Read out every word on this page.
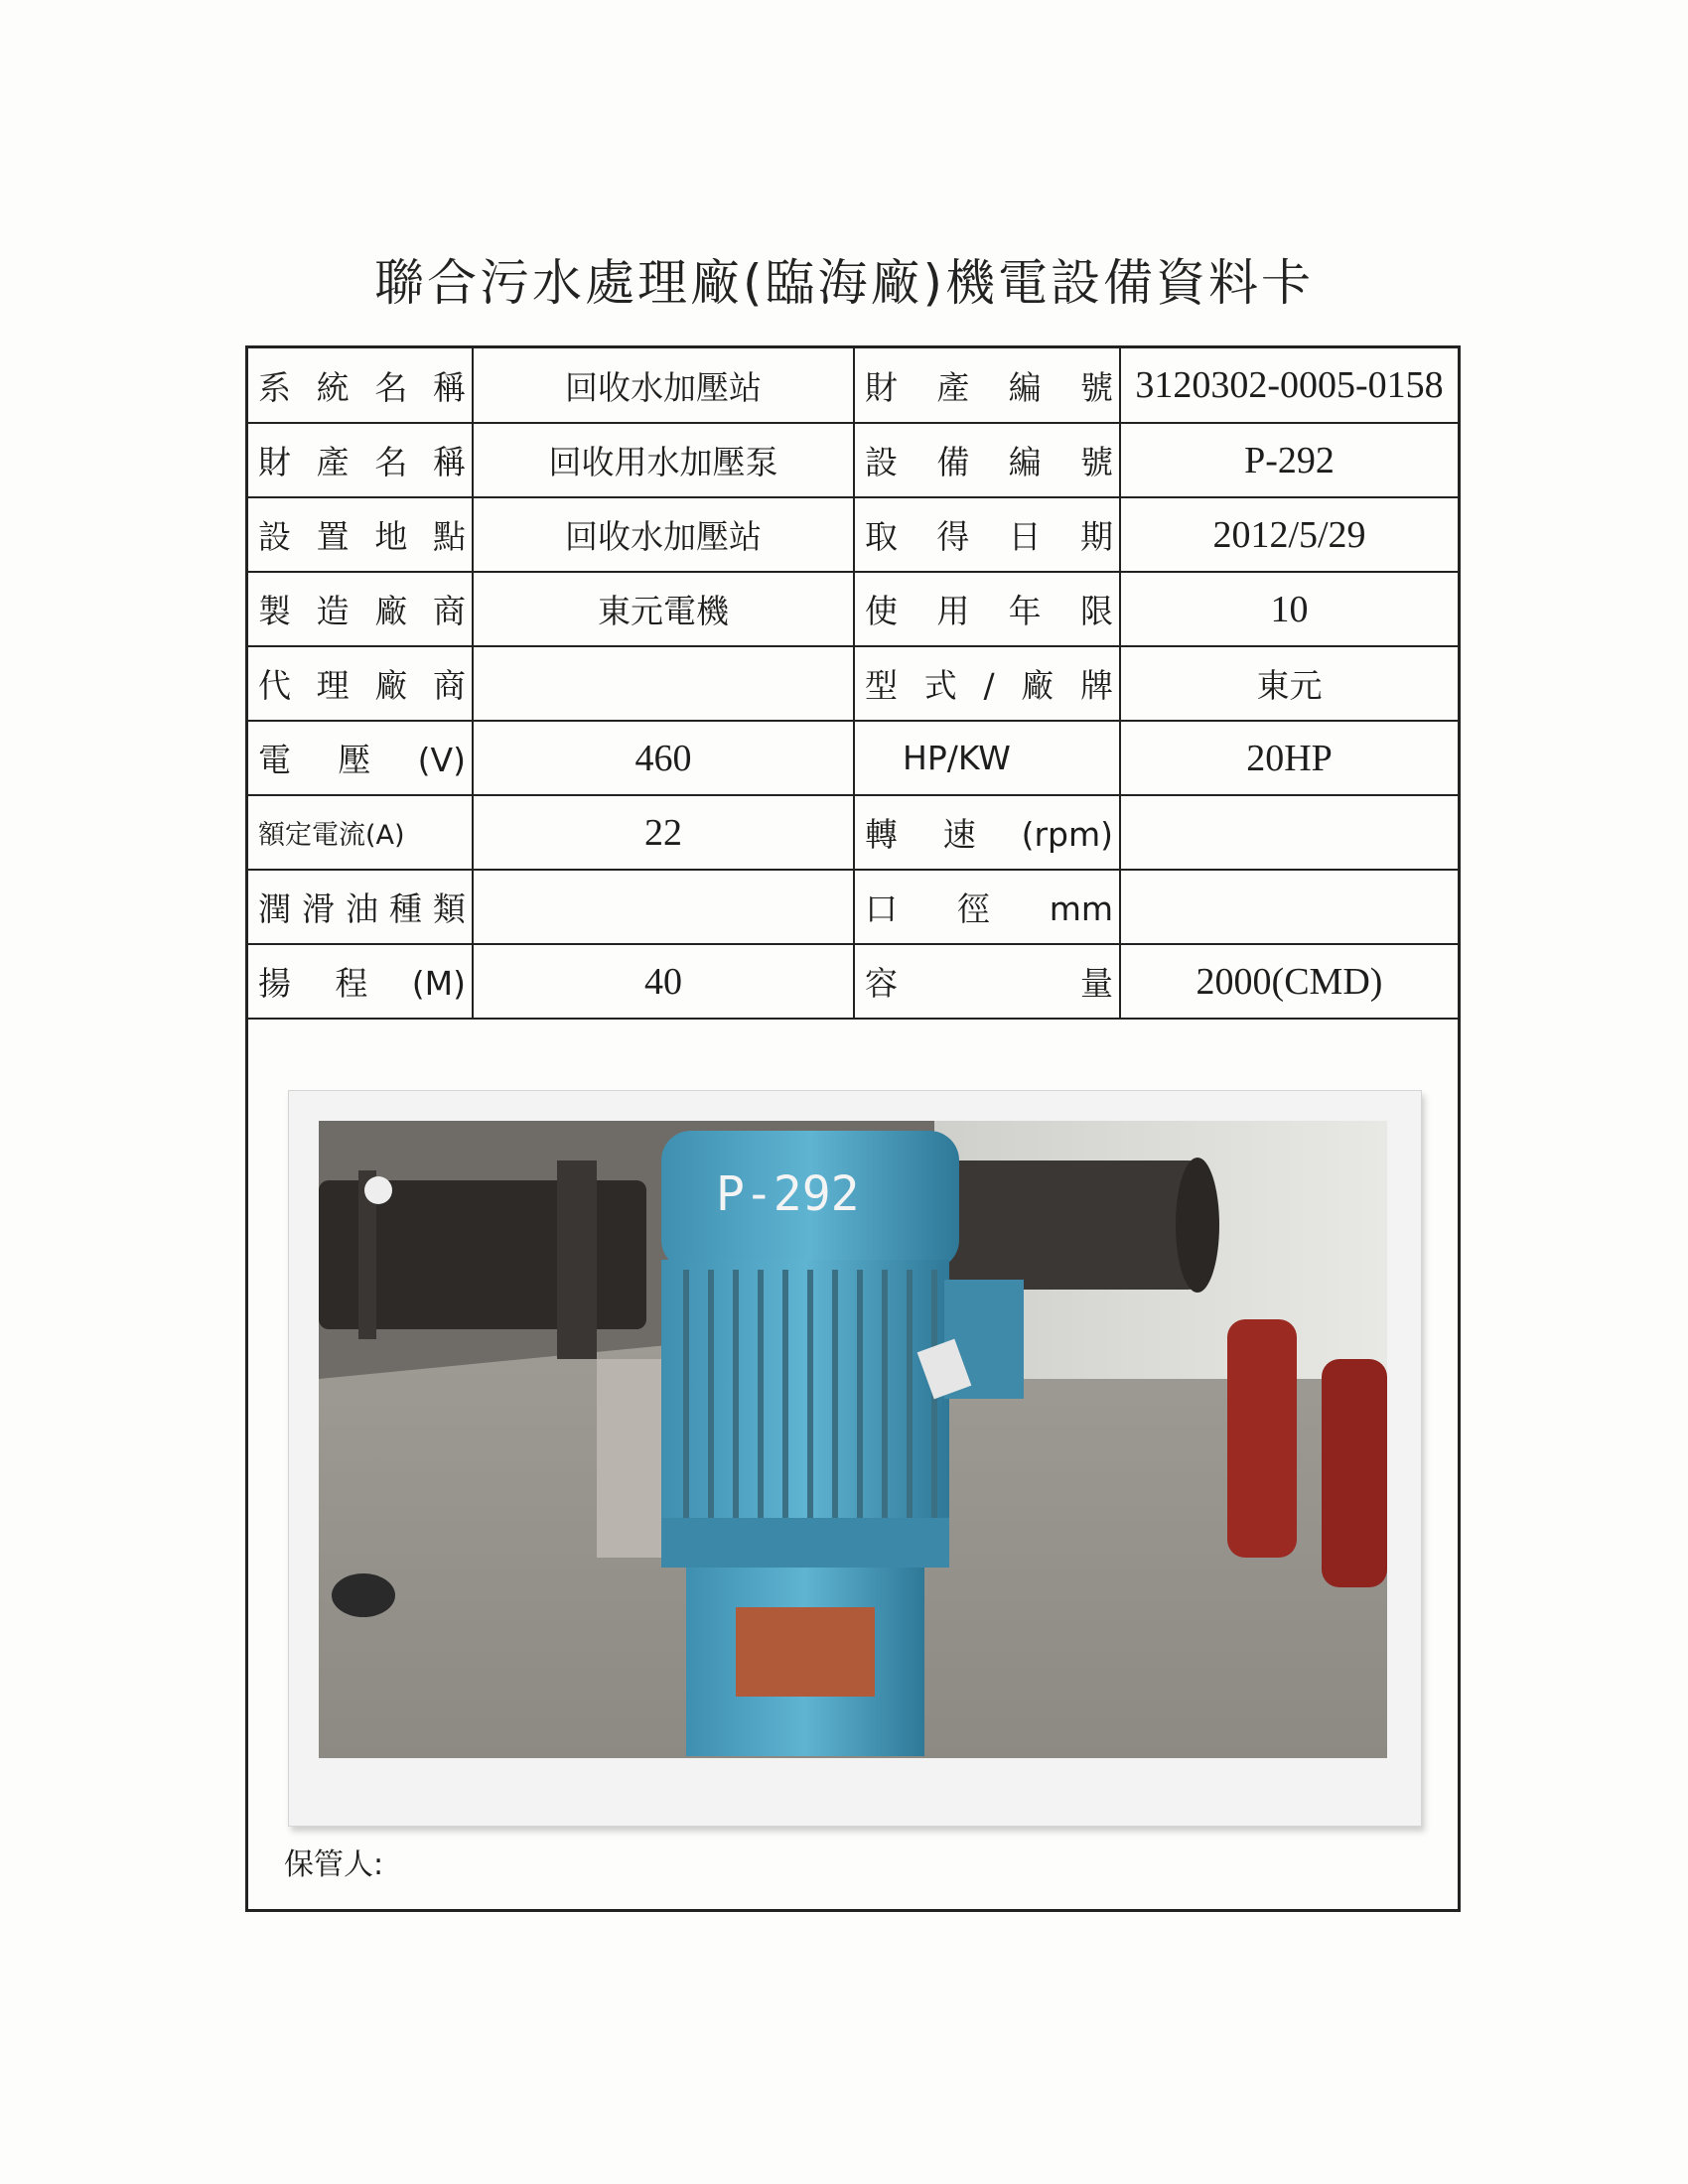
聯合污水處理廠(臨海廠)機電設備資料卡
系統名稱	回收水加壓站	財產編號	3120302-0005-0158
財產名稱	回收用水加壓泵	設備編號	P-292
設置地點	回收水加壓站	取得日期	2012/5/29
製造廠商	東元電機	使用年限	10
代理廠商		型式/廠牌	東元
電壓(V)	460	HP/KW	20HP
額定電流(A)	22	轉速(rpm)	
潤滑油種類		口 徑 mm	
揚程(M)	40	容量	2000(CMD)
P-292
保管人:
